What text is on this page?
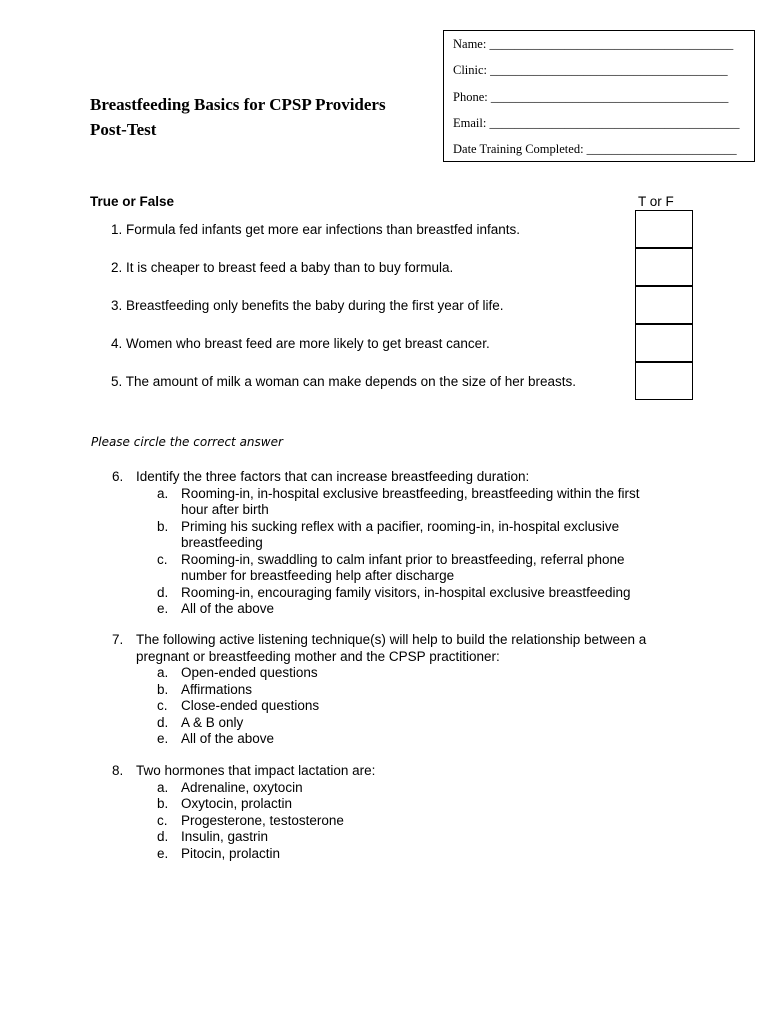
Name: _______________________________________
Clinic: ______________________________________
Phone: ______________________________________
Email: ________________________________________
Date Training Completed: ________________________
Breastfeeding Basics for CPSP Providers
Post-Test
True or False	T or F
1. Formula fed infants get more ear infections than breastfed infants.
2. It is cheaper to breast feed a baby than to buy formula.
3. Breastfeeding only benefits the baby during the first year of life.
4. Women who breast feed are more likely to get breast cancer.
5. The amount of milk a woman can make depends on the size of her breasts.
Please circle the correct answer
6. Identify the three factors that can increase breastfeeding duration:
a. Rooming-in, in-hospital exclusive breastfeeding, breastfeeding within the first hour after birth
b. Priming his sucking reflex with a pacifier, rooming-in, in-hospital exclusive breastfeeding
c. Rooming-in, swaddling to calm infant prior to breastfeeding, referral phone number for breastfeeding help after discharge
d. Rooming-in, encouraging family visitors, in-hospital exclusive breastfeeding
e. All of the above
7. The following active listening technique(s) will help to build the relationship between a pregnant or breastfeeding mother and the CPSP practitioner:
a. Open-ended questions
b. Affirmations
c. Close-ended questions
d. A & B only
e. All of the above
8. Two hormones that impact lactation are:
a. Adrenaline, oxytocin
b. Oxytocin, prolactin
c. Progesterone, testosterone
d. Insulin, gastrin
e. Pitocin, prolactin
